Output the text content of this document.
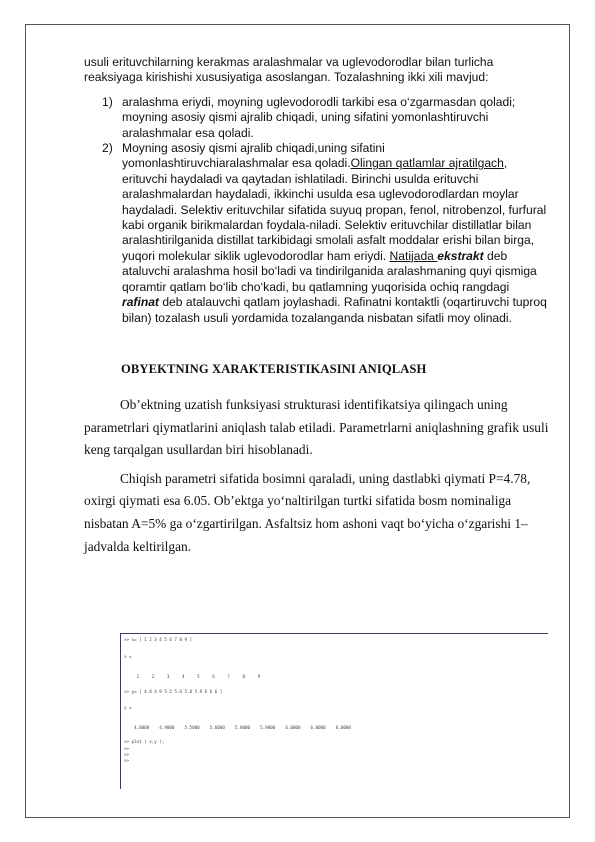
usuli erituvchilarning kerakmas aralashmalar va uglevodorodlar bilan turlicha reaksiyaga kirishishi xususiyatiga asoslangan. Tozalashning ikki xili mavjud:

1) aralashma eriydi, moyning uglevodorodli tarkibi esa o‘zgarmasdan qoladi; moyning asosiy qismi ajralib chiqadi, uning sifatini yomonlashtiruvchi aralashmalar esa qoladi.
2) Moyning asosiy qismi ajralib chiqadi,uning sifatini yomonlashtiruvchiaralashmalar esa qoladi.Olingan qatlamlar ajratilgach, erituvchi haydaladi va qaytadan ishlatiladi. Birinchi usulda erituvchi aralashmalardan haydaladi, ikkinchi usulda esa uglevodorodlardan moylar haydaladi. Selektiv erituvchilar sifatida suyuq propan, fenol, nitrobenzol, furfural kabi organik birikmalardan foydala-niladi. Selektiv erituvchilar distillatlar bilan aralashtirilganida distillat tarkibidagi smolali asfalt moddalar erishi bilan birga, yuqori molekular siklik uglevodorodlar ham eriydi. Natijada ekstrakt deb ataluvchi aralashma hosil bo‘ladi va tindirilganida aralashmaning quyi qismiga qoramtir qatlam bo‘lib cho‘kadi, bu qatlamning yuqorisida ochiq rangdagi rafinat deb atalauvchi qatlam joylashadi. Rafinatni kontaktli (oqartiruvchi tuproq bilan) tozalash usuli yordamida tozalanganda nisbatan sifatli moy olinadi.
OBYEKTNING XARAKTERISTIKASINI ANIQLASH

Ob’ektning uzatish funksiyasi strukturasi identifikatsiya qilingach uning parametrlari qiymatlarini aniqlash talab etiladi. Parametrlarni aniqlashning grafik usuli keng tarqalgan usullardan biri hisoblanadi.

Chiqish parametri sifatida bosimni qaraladi, uning dastlabki qiymati P=4.78, oxirgi qiymati esa 6.05. Ob’ektga yo‘naltirilgan turtki sifatida bosm nominaliga nisbatan A=5% ga o‘zgartirilgan. Asfaltsiz hom ashoni vaqt bo‘yicha o‘zgarishi 1– jadvalda keltirilgan.

>> x= [ 1 2 3 4 5 6 7 8 9 ]
x =
1     2     3     4     5     6     7     8     9
>> y= [ 4.8 4.9 5.5 5.6 5.8 5.9 6 6 6 ]
y =
4.8000    4.9000    5.5000    5.6000    5.8000    5.9000    6.0000    6.0000    6.0000
>> plot ( x,y );
>>
>>
>>
